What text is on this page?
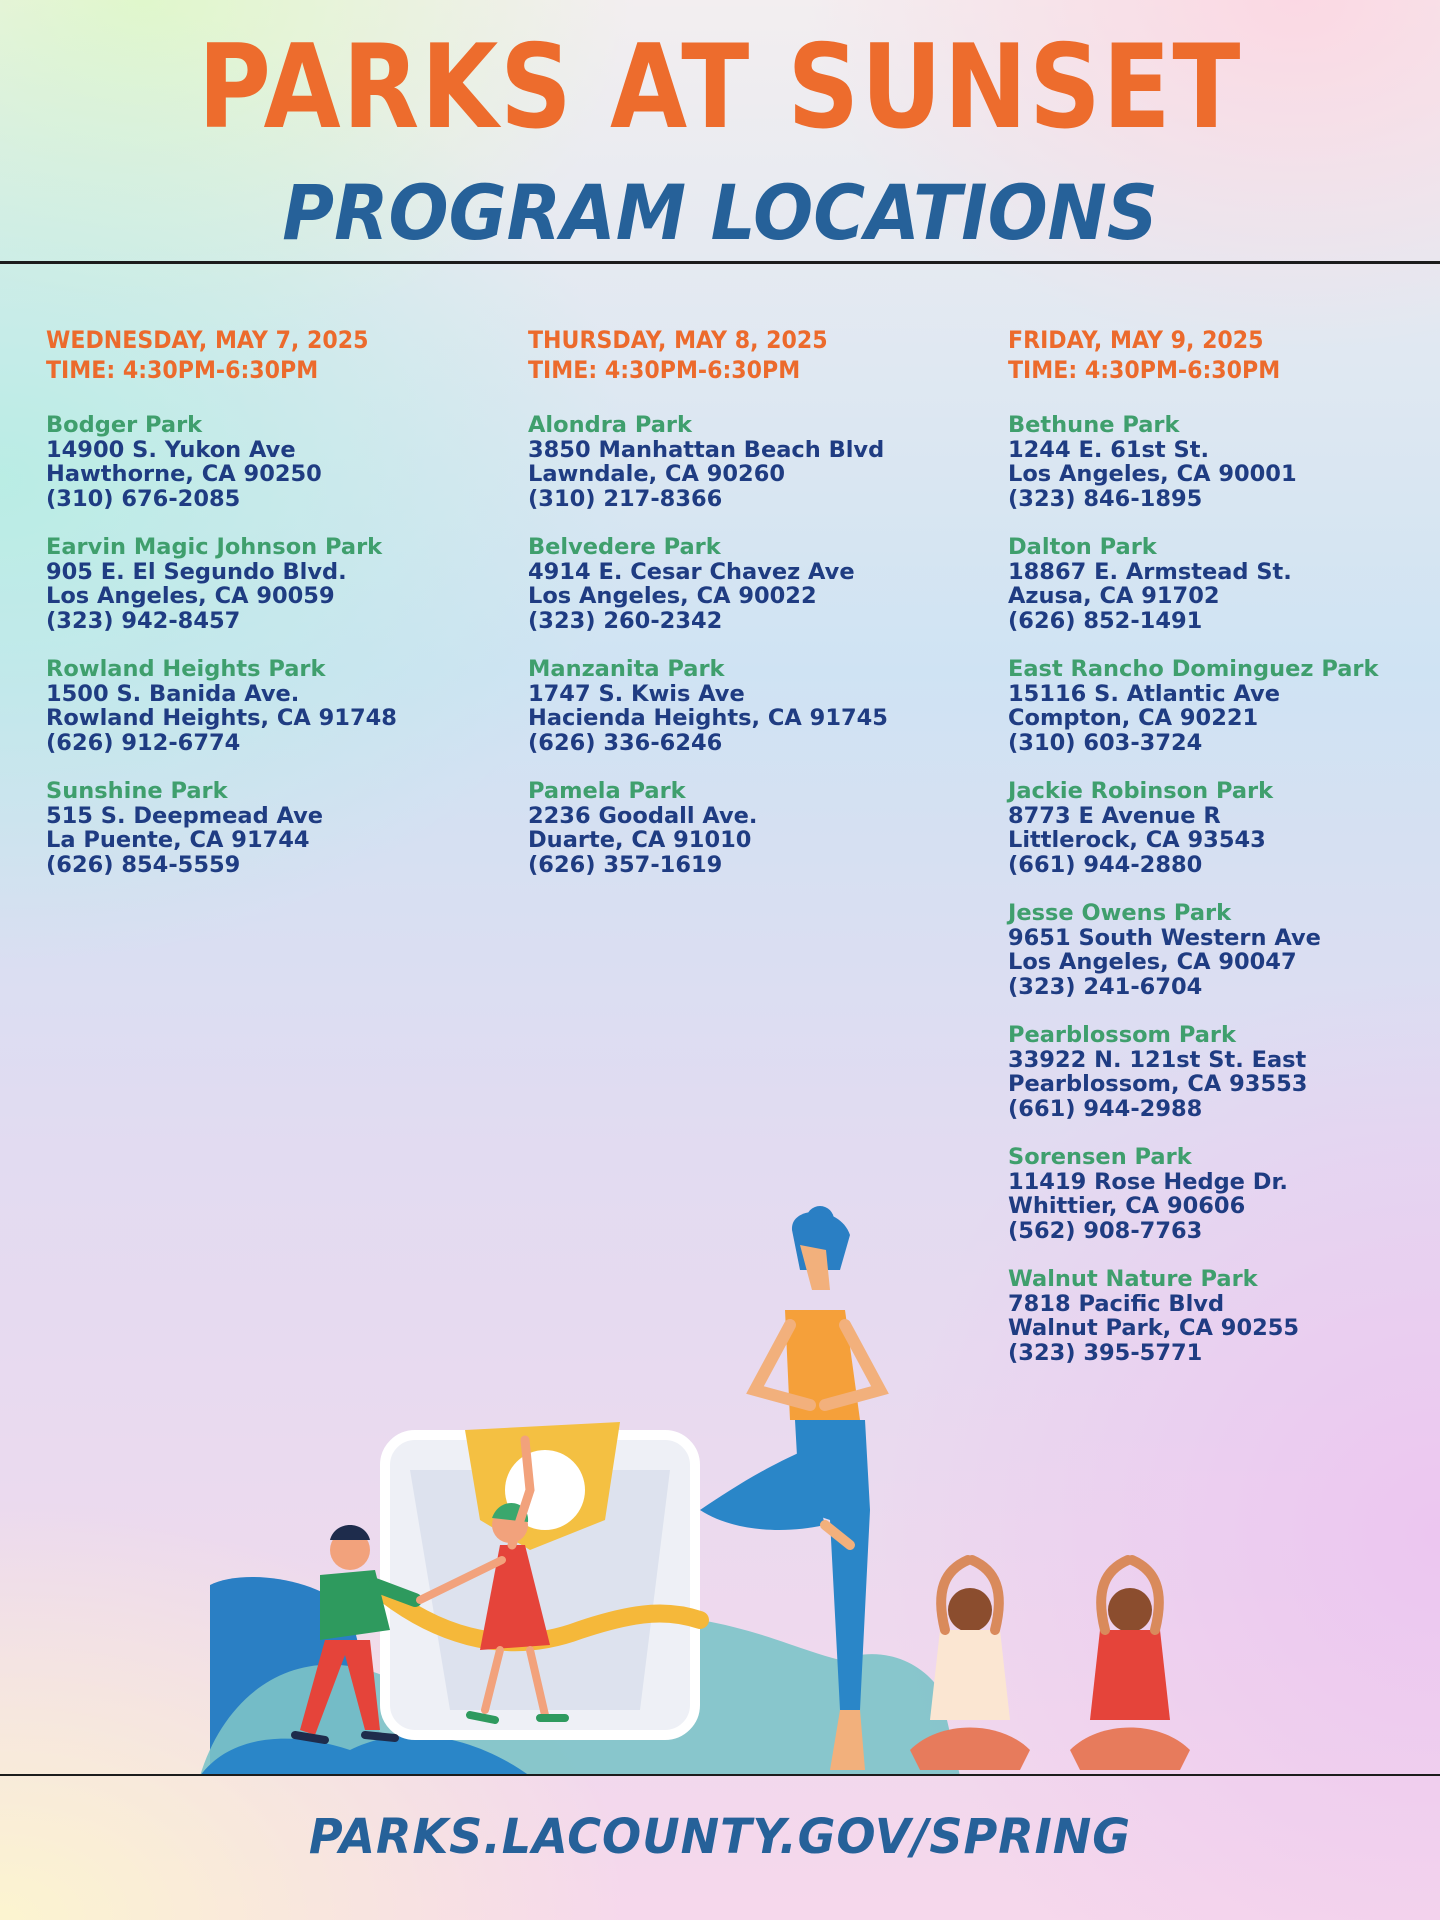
PARKS AT SUNSET
PROGRAM LOCATIONS
WEDNESDAY, MAY 7, 2025
TIME: 4:30PM-6:30PM
Bodger Park
14900 S. Yukon Ave
Hawthorne, CA 90250
(310) 676-2085
Earvin Magic Johnson Park
905 E. El Segundo Blvd.
Los Angeles, CA 90059
(323) 942-8457
Rowland Heights Park
1500 S. Banida Ave.
Rowland Heights, CA 91748
(626) 912-6774
Sunshine Park
515 S. Deepmead Ave
La Puente, CA 91744
(626) 854-5559
THURSDAY, MAY 8, 2025
TIME: 4:30PM-6:30PM
Alondra Park
3850 Manhattan Beach Blvd
Lawndale, CA 90260
(310) 217-8366
Belvedere Park
4914 E. Cesar Chavez Ave
Los Angeles, CA 90022
(323) 260-2342
Manzanita Park
1747 S. Kwis Ave
Hacienda Heights, CA 91745
(626) 336-6246
Pamela Park
2236 Goodall Ave.
Duarte, CA 91010
(626) 357-1619
FRIDAY, MAY 9, 2025
TIME: 4:30PM-6:30PM
Bethune Park
1244 E. 61st St.
Los Angeles, CA 90001
(323) 846-1895
Dalton Park
18867 E. Armstead St.
Azusa, CA 91702
(626) 852-1491
East Rancho Dominguez Park
15116 S. Atlantic Ave
Compton, CA 90221
(310) 603-3724
Jackie Robinson Park
8773 E Avenue R
Littlerock, CA 93543
(661) 944-2880
Jesse Owens Park
9651 South Western Ave
Los Angeles, CA 90047
(323) 241-6704
Pearblossom Park
33922 N. 121st St. East
Pearblossom, CA 93553
(661) 944-2988
Sorensen Park
11419 Rose Hedge Dr.
Whittier, CA 90606
(562) 908-7763
Walnut Nature Park
7818 Pacific Blvd
Walnut Park, CA 90255
(323) 395-5771
PARKS.LACOUNTY.GOV/SPRING
